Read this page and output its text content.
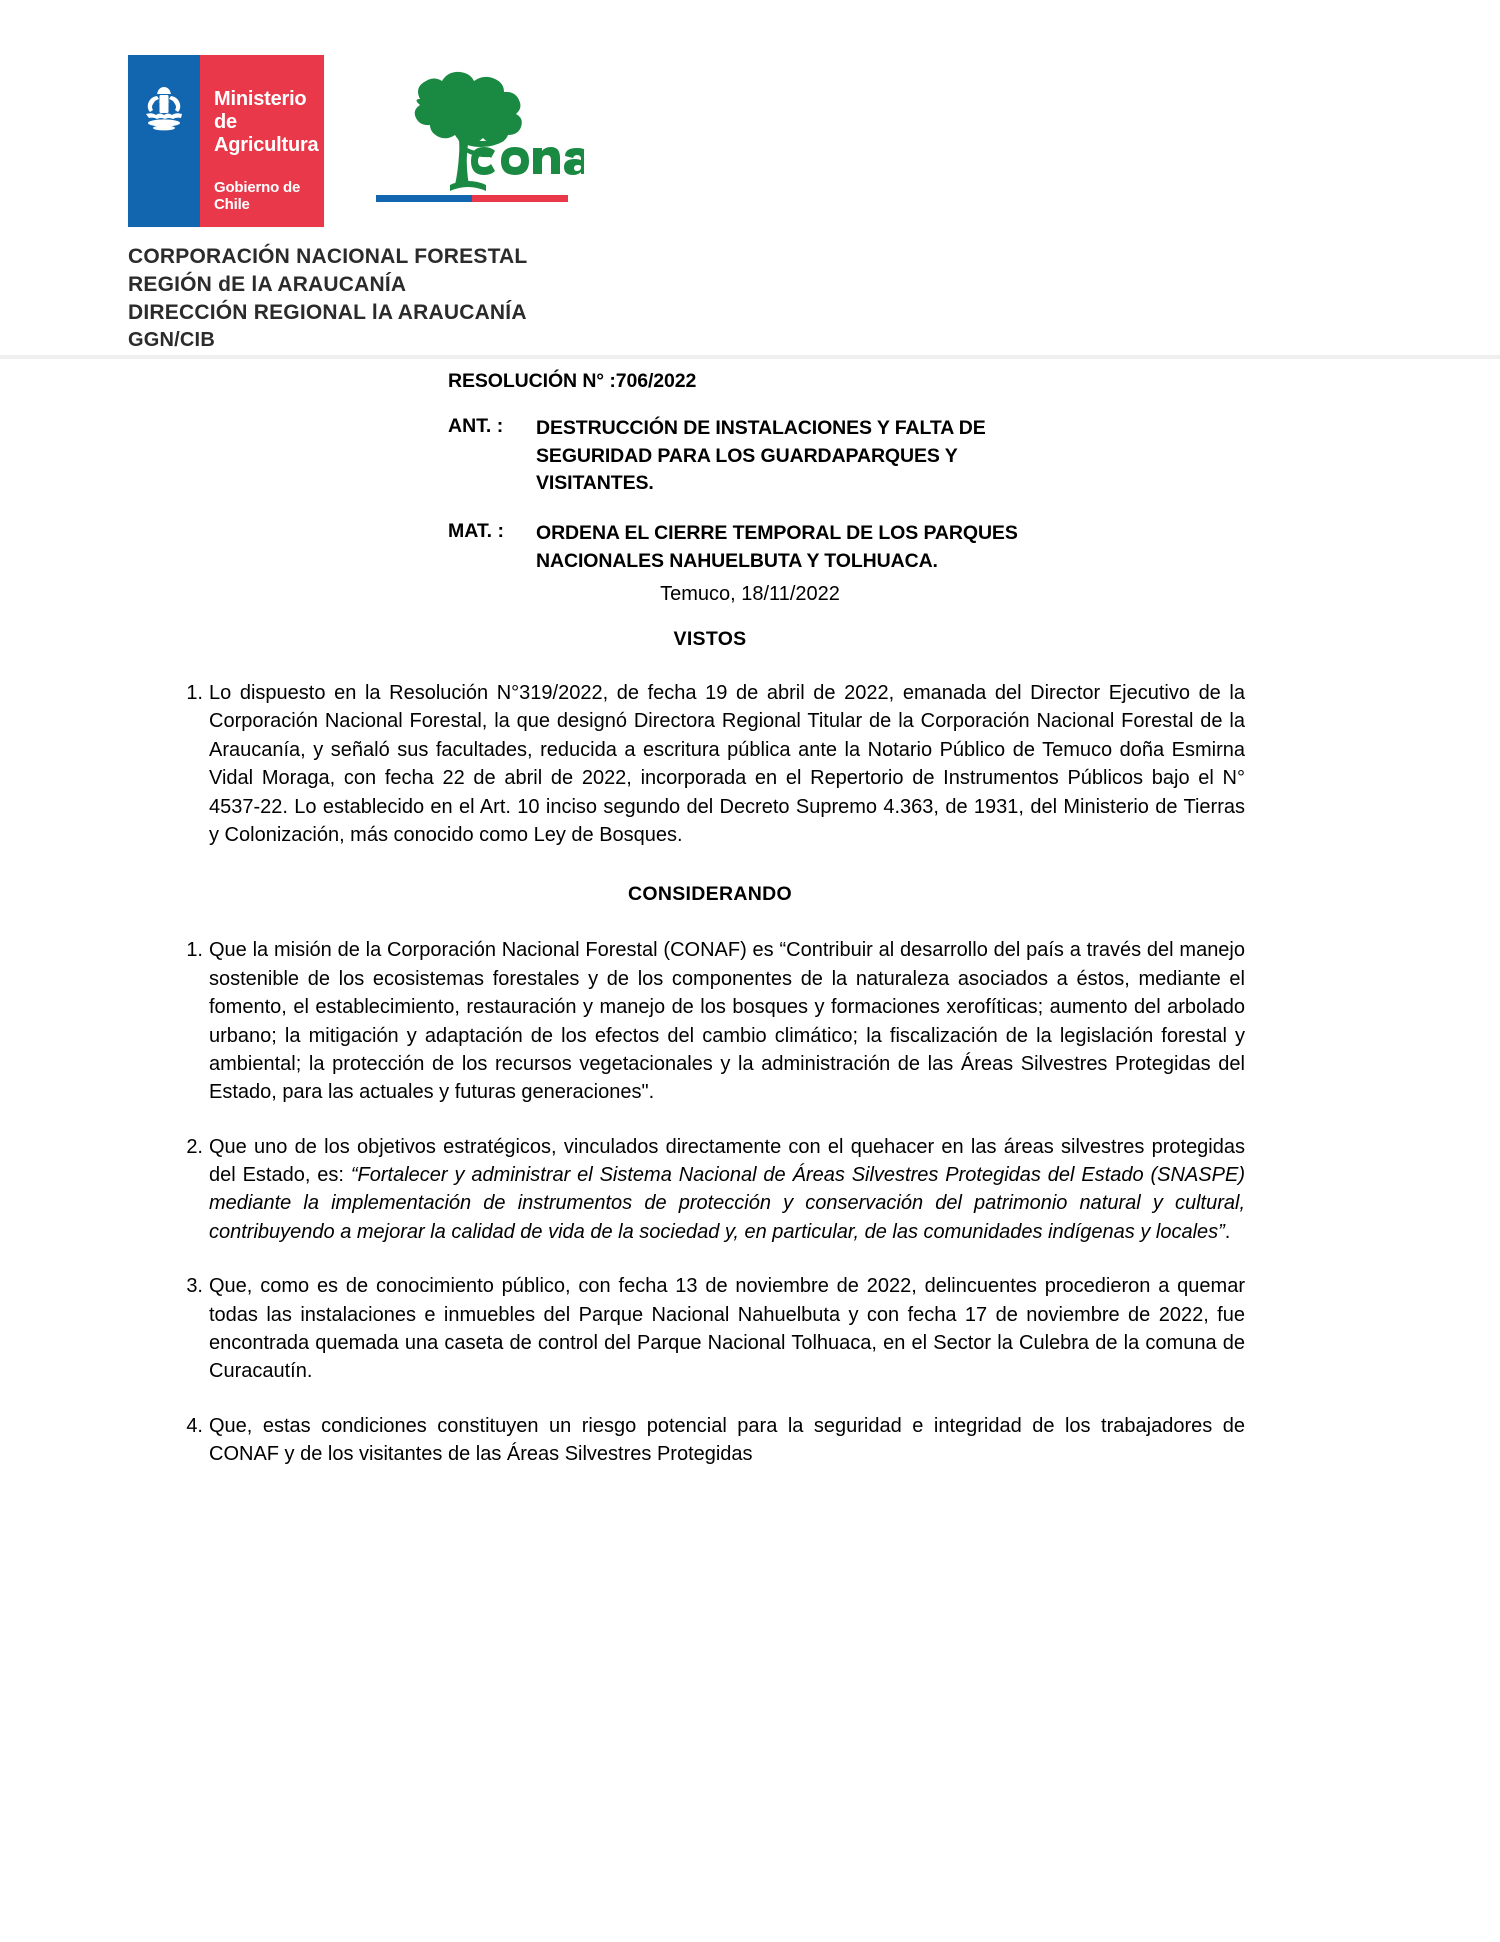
Ministerio de
Agricultura
Gobierno de Chile
CORPORACIÓN NACIONAL FORESTAL
REGIÓN dE lA ARAUCANÍA
DIRECCIÓN REGIONAL lA ARAUCANÍA
GGN/CIB
RESOLUCIÓN N° :706/2022
ANT. :	DESTRUCCIÓN DE INSTALACIONES Y FALTA DE SEGURIDAD PARA LOS GUARDAPARQUES Y VISITANTES.
MAT. :	ORDENA EL CIERRE TEMPORAL DE LOS PARQUES NACIONALES NAHUELBUTA Y TOLHUACA.
Temuco, 18/11/2022
VISTOS
1. Lo dispuesto en la Resolución N°319/2022, de fecha 19 de abril de 2022, emanada del Director Ejecutivo de la Corporación Nacional Forestal, la que designó Directora Regional Titular de la Corporación Nacional Forestal de la Araucanía, y señaló sus facultades, reducida a escritura pública ante la Notario Público de Temuco doña Esmirna Vidal Moraga, con fecha 22 de abril de 2022, incorporada en el Repertorio de Instrumentos Públicos bajo el N° 4537-22. Lo establecido en el Art. 10 inciso segundo del Decreto Supremo 4.363, de 1931, del Ministerio de Tierras y Colonización, más conocido como Ley de Bosques.
CONSIDERANDO
1. Que la misión de la Corporación Nacional Forestal (CONAF) es “Contribuir al desarrollo del país a través del manejo sostenible de los ecosistemas forestales y de los componentes de la naturaleza asociados a éstos, mediante el fomento, el establecimiento, restauración y manejo de los bosques y formaciones xerofíticas; aumento del arbolado urbano; la mitigación y adaptación de los efectos del cambio climático; la fiscalización de la legislación forestal y ambiental; la protección de los recursos vegetacionales y la administración de las Áreas Silvestres Protegidas del Estado, para las actuales y futuras generaciones".
2. Que uno de los objetivos estratégicos, vinculados directamente con el quehacer en las áreas silvestres protegidas del Estado, es: “Fortalecer y administrar el Sistema Nacional de Áreas Silvestres Protegidas del Estado (SNASPE) mediante la implementación de instrumentos de protección y conservación del patrimonio natural y cultural, contribuyendo a mejorar la calidad de vida de la sociedad y, en particular, de las comunidades indígenas y locales”.
3. Que, como es de conocimiento público, con fecha 13 de noviembre de 2022, delincuentes procedieron a quemar todas las instalaciones e inmuebles del Parque Nacional Nahuelbuta y con fecha 17 de noviembre de 2022, fue encontrada quemada una caseta de control del Parque Nacional Tolhuaca, en el Sector la Culebra de la comuna de Curacautín.
4. Que, estas condiciones constituyen un riesgo potencial para la seguridad e integridad de los trabajadores de CONAF y de los visitantes de las Áreas Silvestres Protegidas
